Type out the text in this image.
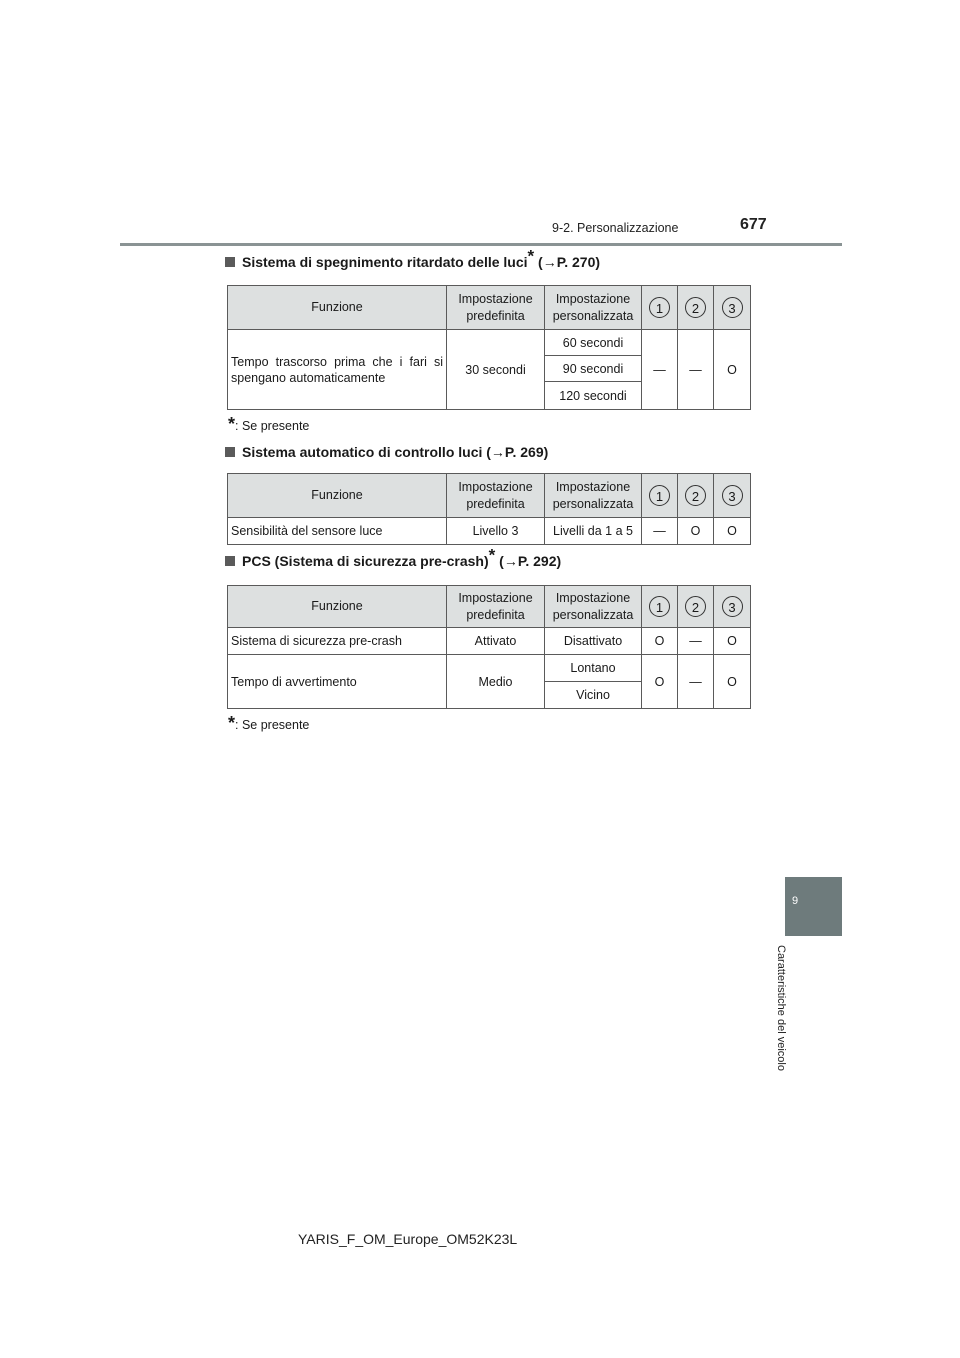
9-2. Personalizzazione	677
9
Caratteristiche del veicolo
Sistema di spegnimento ritardato delle luci* (→P. 270)
Funzione	Impostazione predefinita	Impostazione personalizzata	1	2	3
Tempo trascorso prima che i fari si spengano automaticamente	30 secondi	60 secondi	—	—	O
		90 secondi			
		120 secondi			
*: Se presente
Sistema automatico di controllo luci (→P. 269)
Funzione	Impostazione predefinita	Impostazione personalizzata	1	2	3
Sensibilità del sensore luce	Livello 3	Livelli da 1 a 5	—	O	O
PCS (Sistema di sicurezza pre-crash)* (→P. 292)
Funzione	Impostazione predefinita	Impostazione personalizzata	1	2	3
Sistema di sicurezza pre-crash	Attivato	Disattivato	O	—	O
Tempo di avvertimento	Medio	Lontano	O	—	O
		Vicino			
*: Se presente
YARIS_F_OM_Europe_OM52K23L
